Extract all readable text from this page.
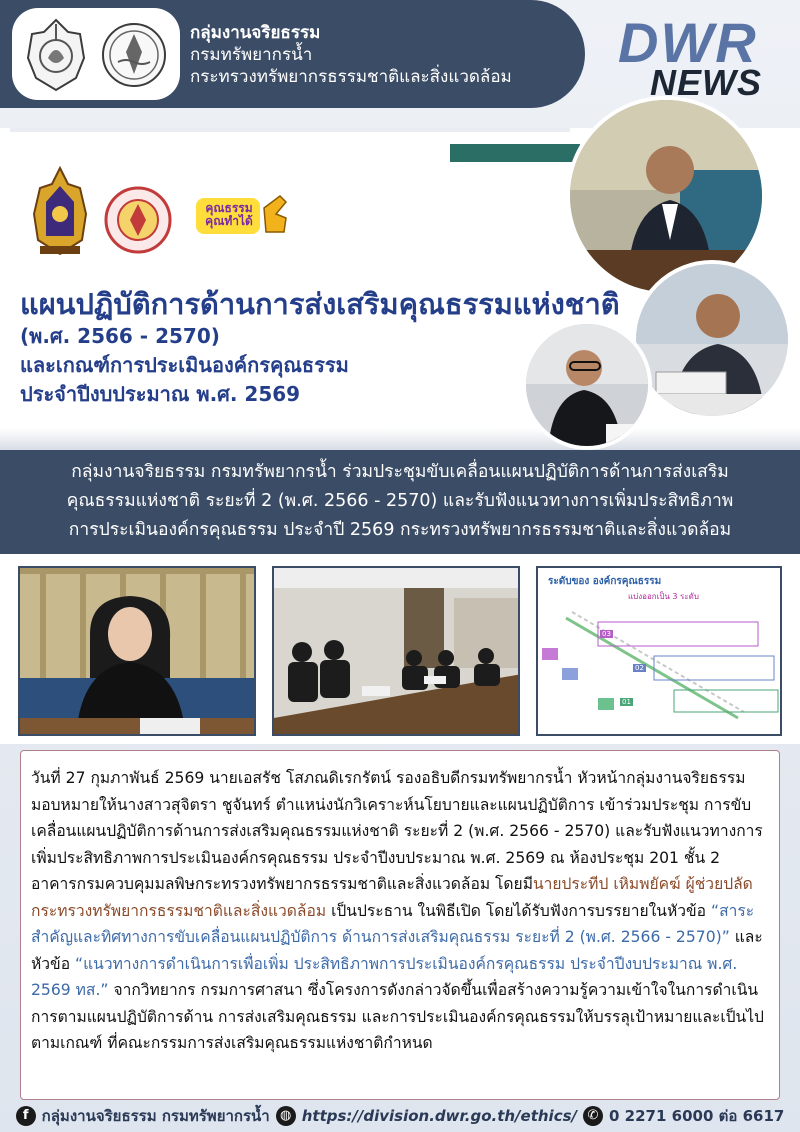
กลุ่มงานจริยธรรม
กรมทรัพยากรน้ำ
กระทรวงทรัพยากรธรรมชาติและสิ่งแวดล้อม
DWR
NEWS
คุณธรรม คุณทำได้
แผนปฏิบัติการด้านการส่งเสริมคุณธรรมแห่งชาติ
(พ.ศ. 2566 - 2570)
และเกณฑ์การประเมินองค์กรคุณธรรม
ประจำปีงบประมาณ พ.ศ. 2569
กลุ่มงานจริยธรรม กรมทรัพยากรน้ำ ร่วมประชุมขับเคลื่อนแผนปฏิบัติการด้านการส่งเสริม
คุณธรรมแห่งชาติ ระยะที่ 2 (พ.ศ. 2566 - 2570) และรับฟังแนวทางการเพิ่มประสิทธิภาพ
การประเมินองค์กรคุณธรรม ประจำปี 2569 กระทรวงทรัพยากรธรรมชาติและสิ่งแวดล้อม
ระดับของ องค์กรคุณธรรม
แบ่งออกเป็น 3 ระดับ
03
02
01
วันที่ 27 กุมภาพันธ์ 2569 นายเอสรัช โสภณดิเรกรัตน์ รองอธิบดีกรมทรัพยากรน้ำ หัวหน้ากลุ่มงานจริยธรรม มอบหมายให้นางสาวสุจิตรา ชูจันทร์ ตำแหน่งนักวิเคราะห์นโยบายและแผนปฏิบัติการ เข้าร่วมประชุม การขับเคลื่อนแผนปฏิบัติการด้านการส่งเสริมคุณธรรมแห่งชาติ ระยะที่ 2 (พ.ศ. 2566 - 2570) และรับฟังแนวทางการเพิ่มประสิทธิภาพการประเมินองค์กรคุณธรรม ประจำปีงบประมาณ พ.ศ. 2569 ณ ห้องประชุม 201 ชั้น 2 อาคารกรมควบคุมมลพิษกระทรวงทรัพยากรธรรมชาติและสิ่งแวดล้อม โดยมีนายประทีป เหิมพยัคฆ์ ผู้ช่วยปลัดกระทรวงทรัพยากรธรรมชาติและสิ่งแวดล้อม เป็นประธาน ในพิธีเปิด โดยได้รับฟังการบรรยายในหัวข้อ “สาระสำคัญและทิศทางการขับเคลื่อนแผนปฏิบัติการ ด้านการส่งเสริมคุณธรรม ระยะที่ 2 (พ.ศ. 2566 - 2570)” และหัวข้อ “แนวทางการดำเนินการเพื่อเพิ่ม ประสิทธิภาพการประเมินองค์กรคุณธรรม ประจำปีงบประมาณ พ.ศ. 2569 ทส.” จากวิทยากร กรมการศาสนา ซึ่งโครงการดังกล่าวจัดขึ้นเพื่อสร้างความรู้ความเข้าใจในการดำเนินการตามแผนปฏิบัติการด้าน การส่งเสริมคุณธรรม และการประเมินองค์กรคุณธรรมให้บรรลุเป้าหมายและเป็นไปตามเกณฑ์ ที่คณะกรรมการส่งเสริมคุณธรรมแห่งชาติกำหนด
f กลุ่มงานจริยธรรม กรมทรัพยากรน้ำ ◍ https://division.dwr.go.th/ethics/ ✆ 0 2271 6000 ต่อ 6617
